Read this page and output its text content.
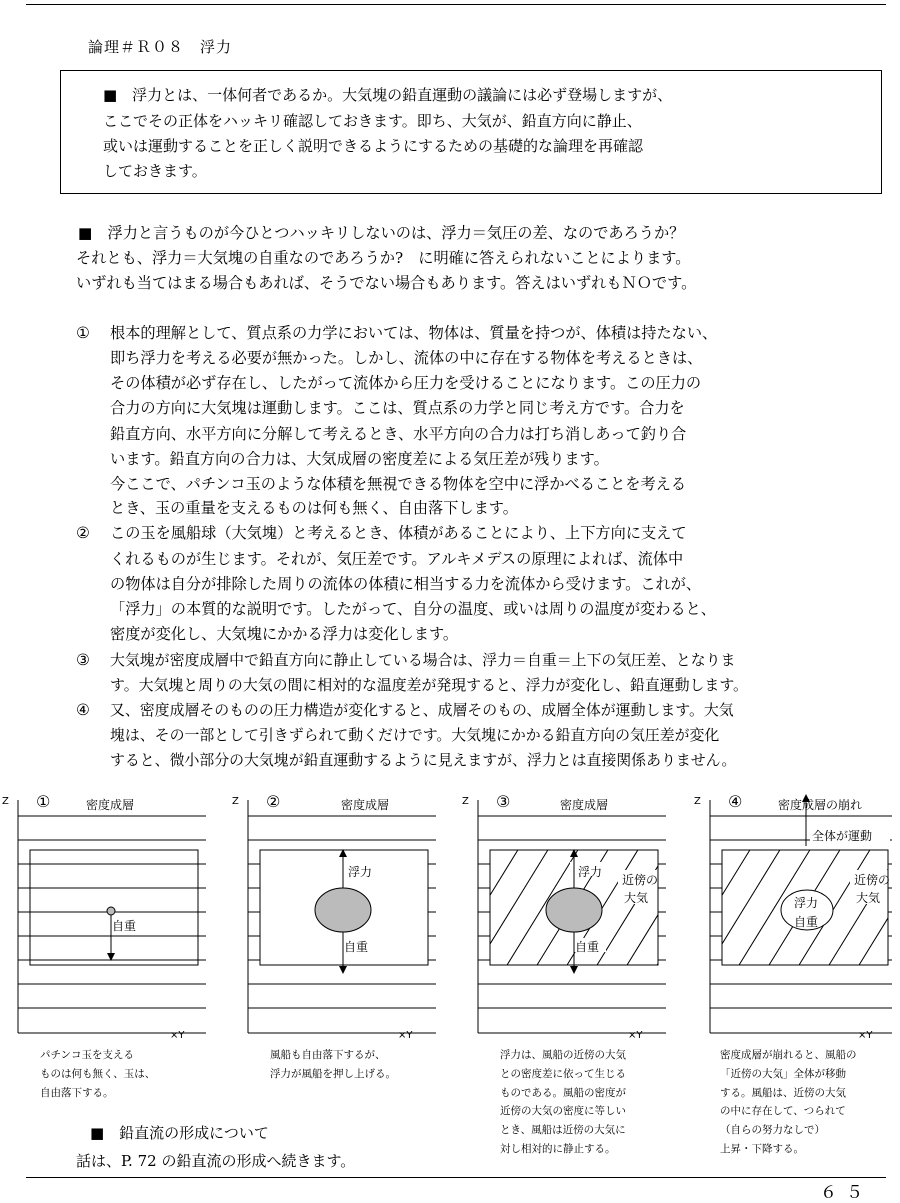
論理＃Ｒ０８　浮力
■　浮力とは、一体何者であるか。大気塊の鉛直運動の議論には必ず登場しますが、
ここでその正体をハッキリ確認しておきます。即ち、大気が、鉛直方向に静止、
或いは運動することを正しく説明できるようにするための基礎的な論理を再確認
しておきます。
■　浮力と言うものが今ひとつハッキリしないのは、浮力＝気圧の差、なのであろうか？
それとも、浮力＝大気塊の自重なのであろうか?　に明確に答えられないことによります。
いずれも当てはまる場合もあれば、そうでない場合もあります。答えはいずれもＮＯです。
① 根本的理解として、質点系の力学においては、物体は、質量を持つが、体積は持たない、
即ち浮力を考える必要が無かった。しかし、流体の中に存在する物体を考えるときは、
その体積が必ず存在し、したがって流体から圧力を受けることになります。この圧力の
合力の方向に大気塊は運動します。ここは、質点系の力学と同じ考え方です。合力を
鉛直方向、水平方向に分解して考えるとき、水平方向の合力は打ち消しあって釣り合
います。鉛直方向の合力は、大気成層の密度差による気圧差が残ります。
今ここで、パチンコ玉のような体積を無視できる物体を空中に浮かべることを考える
とき、玉の重量を支えるものは何も無く、自由落下します。
② この玉を風船球（大気塊）と考えるとき、体積があることにより、上下方向に支えて
くれるものが生じます。それが、気圧差です。アルキメデスの原理によれば、流体中
の物体は自分が排除した周りの流体の体積に相当する力を流体から受けます。これが、
「浮力」の本質的な説明です。したがって、自分の温度、或いは周りの温度が変わると、
密度が変化し、大気塊にかかる浮力は変化します。
③ 大気塊が密度成層中で鉛直方向に静止している場合は、浮力＝自重＝上下の気圧差、となりま
す。大気塊と周りの大気の間に相対的な温度差が発現すると、浮力が変化し、鉛直運動します。
④ 又、密度成層そのものの圧力構造が変化すると、成層そのもの、成層全体が運動します。大気
塊は、その一部として引きずられて動くだけです。大気塊にかかる鉛直方向の気圧差が変化
すると、微小部分の大気塊が鉛直運動するように見えますが、浮力とは直接関係ありません。
Z ①	密度成層
自重
×Y
パチンコ玉を支える
ものは何も無く、玉は、
自由落下する。
Z ②	密度成層
浮力
自重
×Y
風船も自由落下するが、
浮力が風船を押し上げる。
Z ③	密度成層
浮力
近傍の
大気
自重
×Y
浮力は、風船の近傍の大気
との密度差に依って生じる
ものである。風船の密度が
近傍の大気の密度に等しい
とき、風船は近傍の大気に
対し相対的に静止する。
Z ④	密度成層の崩れ
全体が運動
近傍の
大気
浮力
自重
×Y
密度成層が崩れると、風船の
「近傍の大気」全体が移動
する。風船は、近傍の大気
の中に存在して、つられて
（自らの努力なしで）
上昇・下降する。
■　鉛直流の形成について
話は、P. 72 の鉛直流の形成へ続きます。
６５
